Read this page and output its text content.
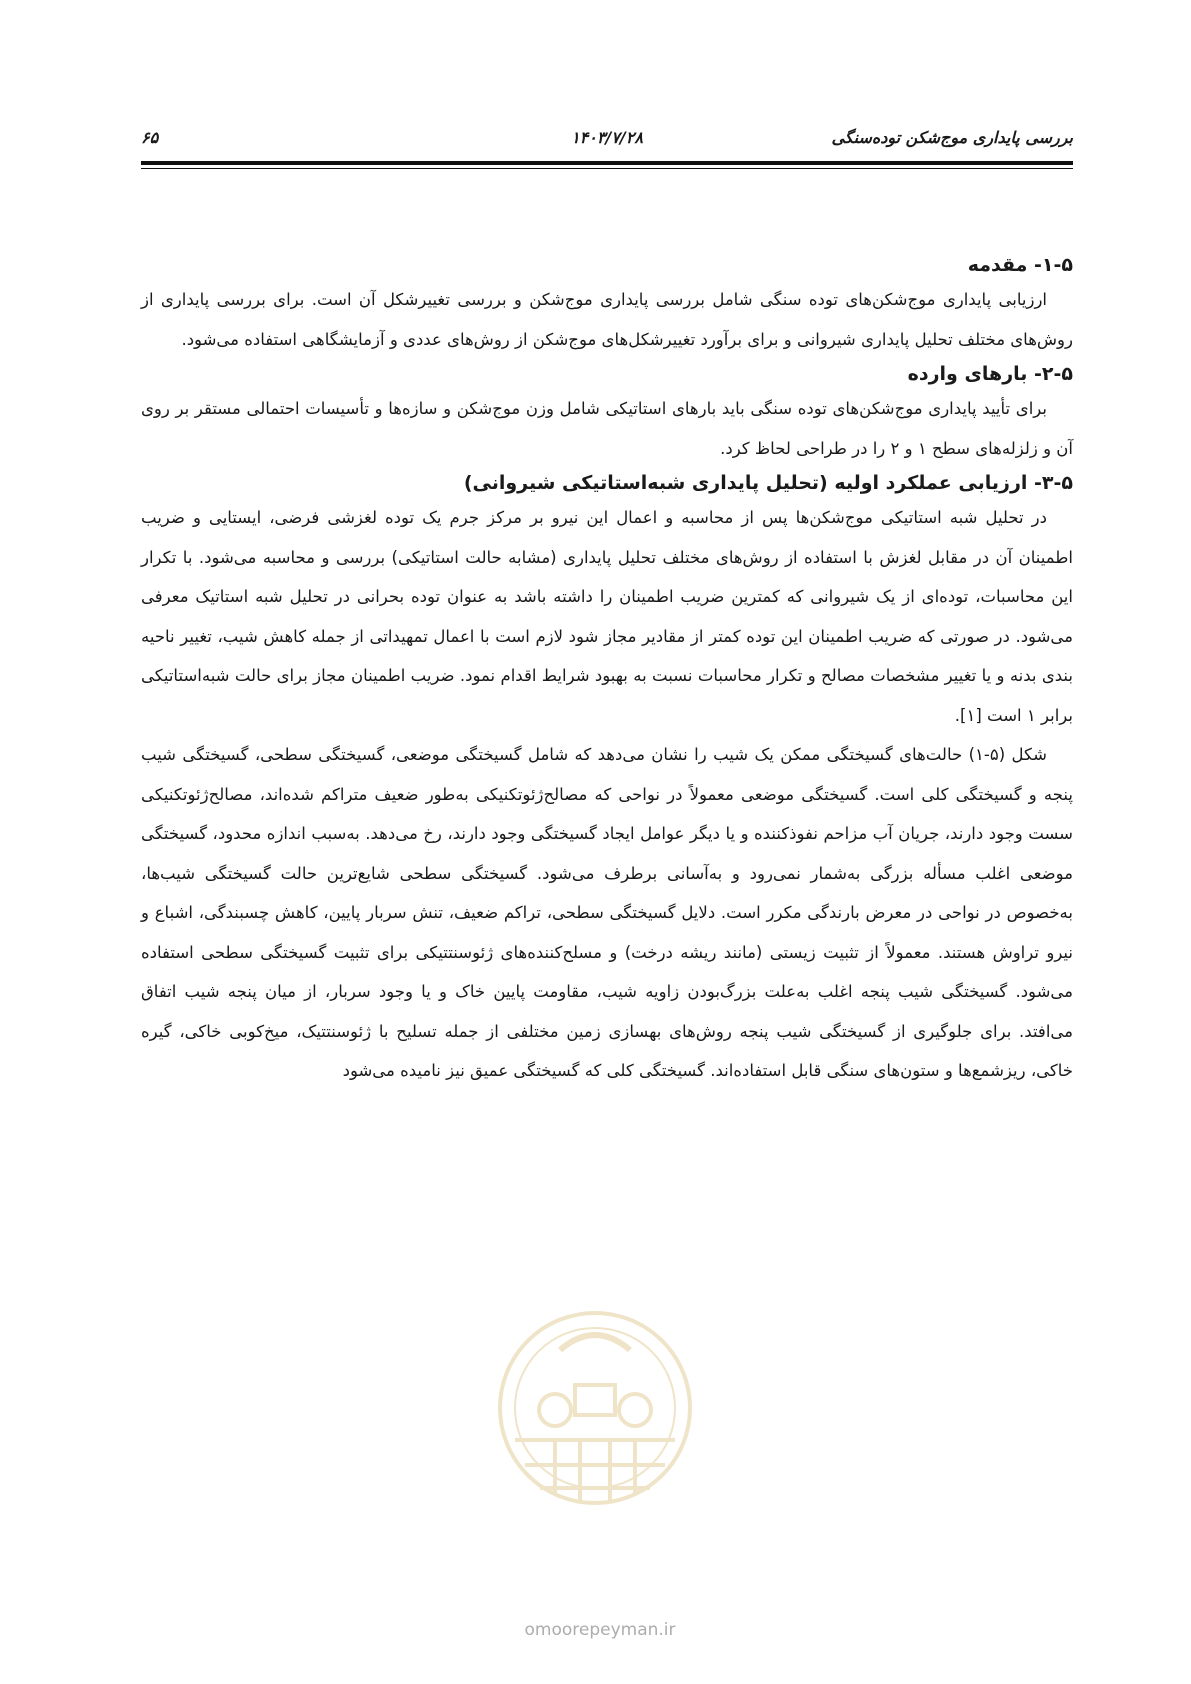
بررسی پایداری موج‌شکن توده‌سنگی
۱۴۰۳/۷/۲۸
۶۵
۱-۵- مقدمه

ارزیابی پایداری موج‌شکن‌های توده سنگی شامل بررسی پایداری موج‌شکن و بررسی تغییرشکل آن است. برای بررسی پایداری از روش‌های مختلف تحلیل پایداری شیروانی و برای برآورد تغییرشکل‌های موج‌شکن از روش‌های عددی و آزمایشگاهی استفاده می‌شود.

۲-۵- بارهای وارده

برای تأیید پایداری موج‌شکن‌های توده سنگی باید بارهای استاتیکی شامل وزن موج‌شکن و سازه‌ها و تأسیسات احتمالی مستقر بر روی آن و زلزله‌های سطح ۱ و ۲ را در طراحی لحاظ کرد.

۳-۵- ارزیابی عملکرد اولیه (تحلیل پایداری شبه‌استاتیکی شیروانی)

در تحلیل شبه استاتیکی موج‌شکن‌ها پس از محاسبه و اعمال این نیرو بر مرکز جرم یک توده لغزشی فرضی، ایستایی و ضریب اطمینان آن در مقابل لغزش با استفاده از روش‌های مختلف تحلیل پایداری (مشابه حالت استاتیکی) بررسی و محاسبه می‌شود. با تکرار این محاسبات، توده‌ای از یک شیروانی که کمترین ضریب اطمینان را داشته باشد به عنوان توده بحرانی در تحلیل شبه استاتیک معرفی می‌شود. در صورتی که ضریب اطمینان این توده کمتر از مقادیر مجاز شود لازم است با اعمال تمهیداتی از جمله کاهش شیب، تغییر ناحیه بندی بدنه و یا تغییر مشخصات مصالح و تکرار محاسبات نسبت به بهبود شرایط اقدام نمود. ضریب اطمینان مجاز برای حالت شبه‌استاتیکی برابر ۱ است [۱].

شکل (۵-۱) حالت‌های گسیختگی ممکن یک شیب را نشان می‌دهد که شامل گسیختگی موضعی، گسیختگی سطحی، گسیختگی شیب پنجه و گسیختگی کلی است. گسیختگی موضعی معمولاً در نواحی که مصالح‌ژئوتکنیکی به‌طور ضعیف متراکم شده‌اند، مصالح‌ژئوتکنیکی سست وجود دارند، جریان آب مزاحم نفوذکننده و یا دیگر عوامل ایجاد گسیختگی وجود دارند، رخ می‌دهد. به‌سبب اندازه محدود، گسیختگی موضعی اغلب مسأله بزرگی به‌شمار نمی‌رود و به‌آسانی برطرف می‌شود. گسیختگی سطحی شایع‌ترین حالت گسیختگی شیب‌ها، به‌خصوص در نواحی در معرض بارندگی مکرر است. دلایل گسیختگی سطحی، تراکم ضعیف، تنش سربار پایین، کاهش چسبندگی، اشباع و نیرو تراوش هستند. معمولاً از تثبیت زیستی (مانند ریشه درخت) و مسلح‌کننده‌های ژئوسنتتیکی برای تثبیت گسیختگی سطحی استفاده می‌شود. گسیختگی شیب پنجه اغلب به‌علت بزرگ‌بودن زاویه شیب، مقاومت پایین خاک و یا وجود سربار، از میان پنجه شیب اتفاق می‌افتد. برای جلوگیری از گسیختگی شیب پنجه روش‌های بهسازی زمین مختلفی از جمله تسلیح با ژئوسنتتیک، میخ‌کوبی خاکی، گیره خاکی، ریزشمع‌ها و ستون‌های سنگی قابل استفاده‌اند. گسیختگی کلی که گسیختگی عمیق نیز نامیده می‌شود

omoorepeyman.ir
